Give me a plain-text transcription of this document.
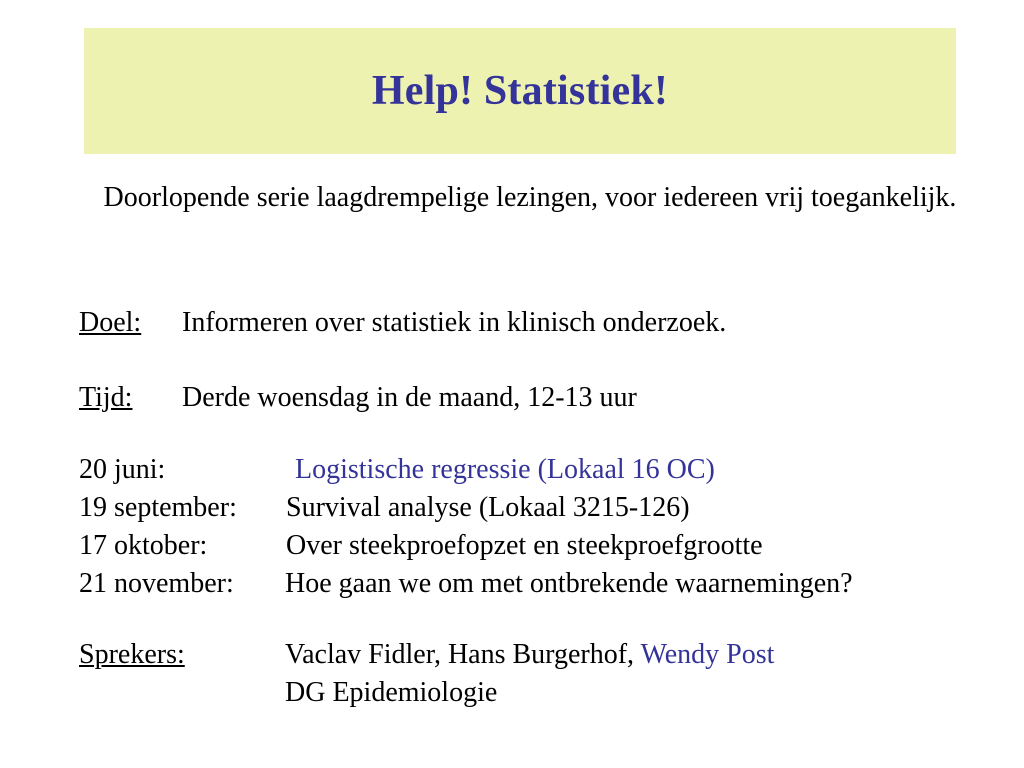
Help! Statistiek!
Doorlopende serie laagdrempelige lezingen, voor iedereen vrij toegankelijk.
Doel: Informeren over statistiek in klinisch onderzoek.
Tijd: Derde woensdag in de maand, 12-13 uur
20 juni:	Logistische regressie (Lokaal 16 OC)
19 september: Survival analyse (Lokaal 3215-126)
17 oktober:	Over steekproefopzet en steekproefgrootte
21 november: Hoe gaan we om met ontbrekende waarnemingen?
Sprekers:	Vaclav Fidler, Hans Burgerhof, Wendy Post
DG Epidemiologie
